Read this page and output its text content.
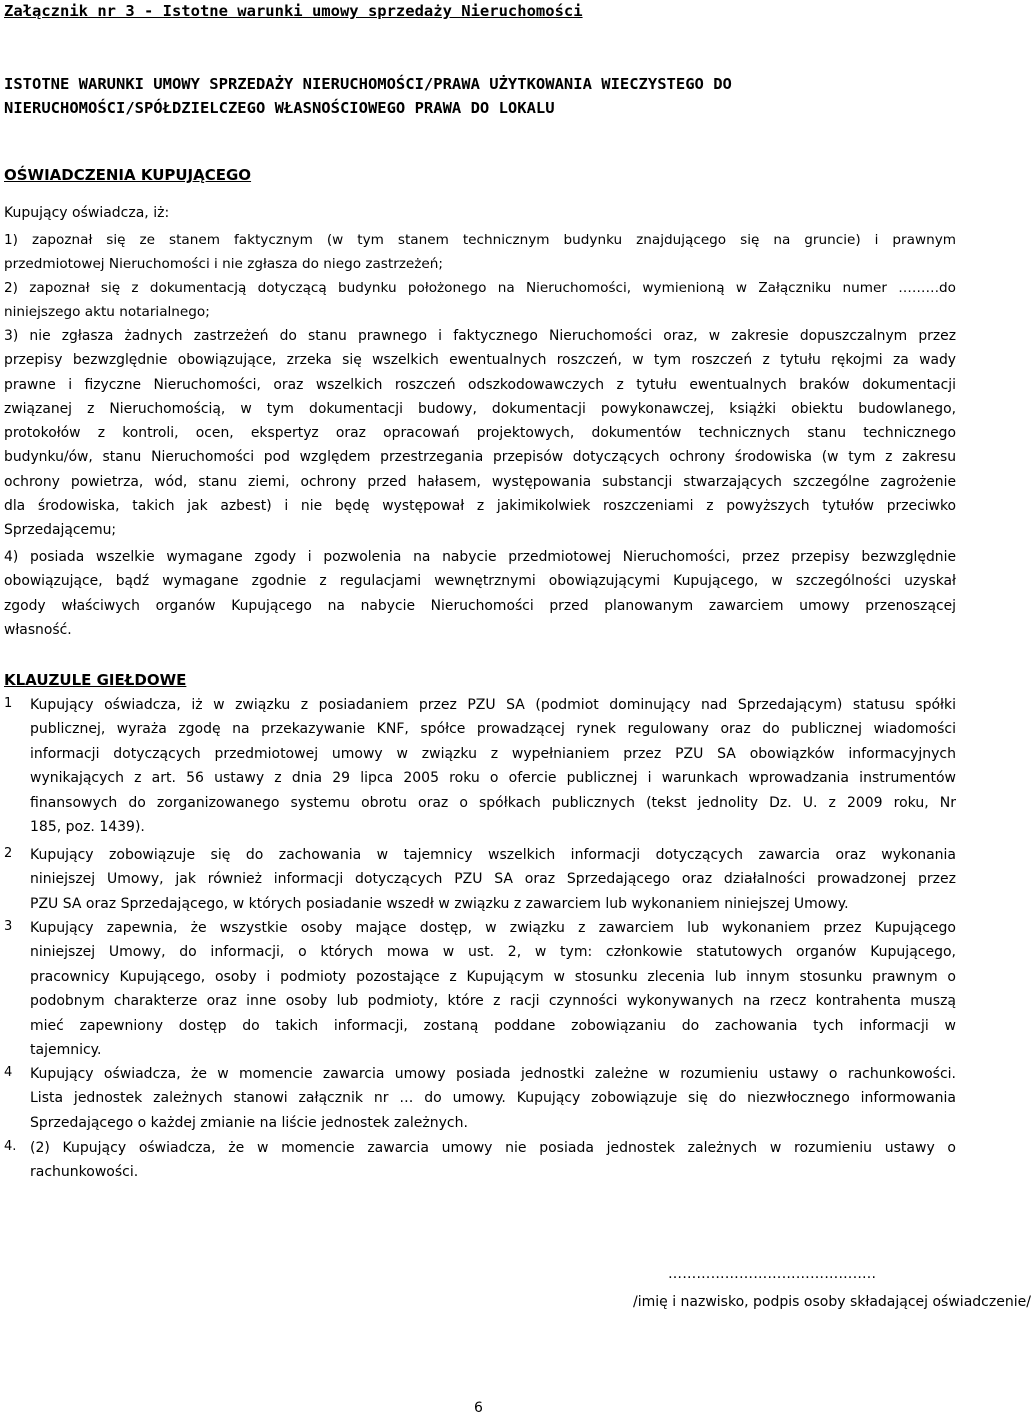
Załącznik nr 3 - Istotne warunki umowy sprzedaży Nieruchomości
ISTOTNE WARUNKI UMOWY SPRZEDAŻY NIERUCHOMOŚCI/PRAWA UŻYTKOWANIA WIECZYSTEGO DO
NIERUCHOMOŚCI/SPÓŁDZIELCZEGO WŁASNOŚCIOWEGO PRAWA DO LOKALU
OŚWIADCZENIA KUPUJĄCEGO
Kupujący oświadcza, iż:
1) zapoznał się ze stanem faktycznym (w tym stanem technicznym budynku znajdującego się na gruncie) i prawnym
przedmiotowej Nieruchomości i nie zgłasza do niego zastrzeżeń;
2) zapoznał się z dokumentacją dotyczącą budynku położonego na Nieruchomości, wymienioną w Załączniku numer ………do
niniejszego aktu notarialnego;
3) nie zgłasza żadnych zastrzeżeń do stanu prawnego i faktycznego Nieruchomości oraz, w zakresie dopuszczalnym przez
przepisy bezwzględnie obowiązujące, zrzeka się wszelkich ewentualnych roszczeń, w tym roszczeń z tytułu rękojmi za wady
prawne i fizyczne Nieruchomości, oraz wszelkich roszczeń odszkodowawczych z tytułu ewentualnych braków dokumentacji
związanej z Nieruchomością, w tym dokumentacji budowy, dokumentacji powykonawczej, książki obiektu budowlanego,
protokołów z kontroli, ocen, ekspertyz oraz opracowań projektowych, dokumentów technicznych stanu technicznego
budynku/ów, stanu Nieruchomości pod względem przestrzegania przepisów dotyczących ochrony środowiska (w tym z zakresu
ochrony powietrza, wód, stanu ziemi, ochrony przed hałasem, występowania substancji stwarzających szczególne zagrożenie
dla środowiska, takich jak azbest) i nie będę występował z jakimikolwiek roszczeniami z powyższych tytułów przeciwko
Sprzedającemu;
4) posiada wszelkie wymagane zgody i pozwolenia na nabycie przedmiotowej Nieruchomości, przez przepisy bezwzględnie
obowiązujące, bądź wymagane zgodnie z regulacjami wewnętrznymi obowiązującymi Kupującego, w szczególności uzyskał
zgody właściwych organów Kupującego na nabycie Nieruchomości przed planowanym zawarciem umowy przenoszącej
własność.
KLAUZULE GIEŁDOWE
1 Kupujący oświadcza, iż w związku z posiadaniem przez PZU SA (podmiot dominujący nad Sprzedającym) statusu spółki
publicznej, wyraża zgodę na przekazywanie KNF, spółce prowadzącej rynek regulowany oraz do publicznej wiadomości
informacji dotyczących przedmiotowej umowy w związku z wypełnianiem przez PZU SA obowiązków informacyjnych
wynikających z art. 56 ustawy z dnia 29 lipca 2005 roku o ofercie publicznej i warunkach wprowadzania instrumentów
finansowych do zorganizowanego systemu obrotu oraz o spółkach publicznych (tekst jednolity Dz. U. z 2009 roku, Nr
185, poz. 1439).
2 Kupujący zobowiązuje się do zachowania w tajemnicy wszelkich informacji dotyczących zawarcia oraz wykonania
niniejszej Umowy, jak również informacji dotyczących PZU SA oraz Sprzedającego oraz działalności prowadzonej przez
PZU SA oraz Sprzedającego, w których posiadanie wszedł w związku z zawarciem lub wykonaniem niniejszej Umowy.
3 Kupujący zapewnia, że wszystkie osoby mające dostęp, w związku z zawarciem lub wykonaniem przez Kupującego
niniejszej Umowy, do informacji, o których mowa w ust. 2, w tym: członkowie statutowych organów Kupującego,
pracownicy Kupującego, osoby i podmioty pozostające z Kupującym w stosunku zlecenia lub innym stosunku prawnym o
podobnym charakterze oraz inne osoby lub podmioty, które z racji czynności wykonywanych na rzecz kontrahenta muszą
mieć zapewniony dostęp do takich informacji, zostaną poddane zobowiązaniu do zachowania tych informacji w
tajemnicy.
4 Kupujący oświadcza, że w momencie zawarcia umowy posiada jednostki zależne w rozumieniu ustawy o rachunkowości.
Lista jednostek zależnych stanowi załącznik nr … do umowy. Kupujący zobowiązuje się do niezwłocznego informowania
Sprzedającego o każdej zmianie na liście jednostek zależnych.
4. (2) Kupujący oświadcza, że w momencie zawarcia umowy nie posiada jednostek zależnych w rozumieniu ustawy o
rachunkowości.
……………………………………..
/imię i nazwisko, podpis osoby składającej oświadczenie/
6
